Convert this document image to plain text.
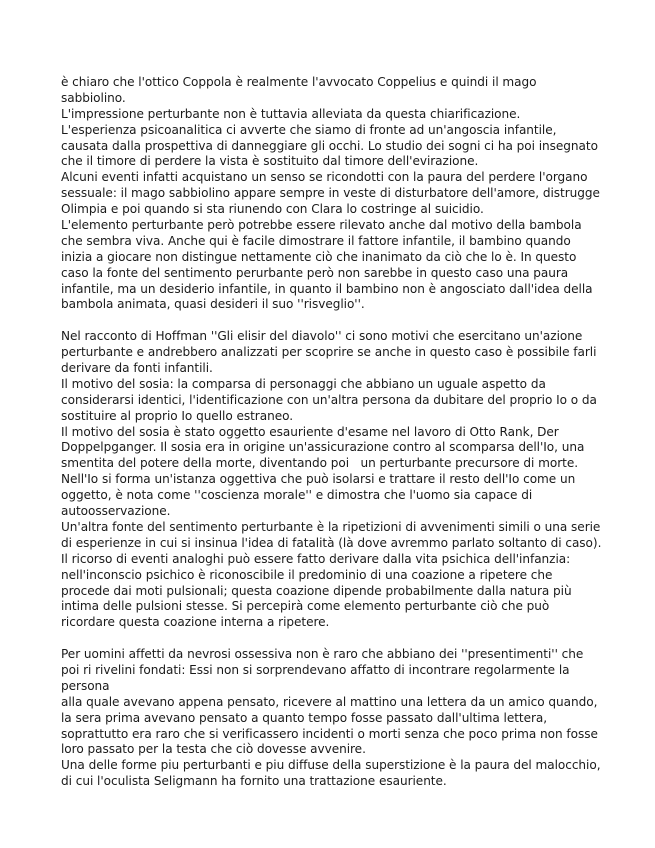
è chiaro che l'ottico Coppola è realmente l'avvocato Coppelius e quindi il mago
sabbiolino.
L'impressione perturbante non è tuttavia alleviata da questa chiarificazione.
L'esperienza psicoanalitica ci avverte che siamo di fronte ad un'angoscia infantile,
causata dalla prospettiva di danneggiare gli occhi. Lo studio dei sogni ci ha poi insegnato
che il timore di perdere la vista è sostituito dal timore dell'evirazione.
Alcuni eventi infatti acquistano un senso se ricondotti con la paura del perdere l'organo
sessuale: il mago sabbiolino appare sempre in veste di disturbatore dell'amore, distrugge
Olimpia e poi quando si sta riunendo con Clara lo costringe al suicidio.
L'elemento perturbante però potrebbe essere rilevato anche dal motivo della bambola
che sembra viva. Anche qui è facile dimostrare il fattore infantile, il bambino quando
inizia a giocare non distingue nettamente ciò che inanimato da ciò che lo è. In questo
caso la fonte del sentimento perurbante però non sarebbe in questo caso una paura
infantile, ma un desiderio infantile, in quanto il bambino non è angosciato dall'idea della
bambola animata, quasi desideri il suo ''risveglio''.
Nel racconto di Hoffman ''Gli elisir del diavolo'' ci sono motivi che esercitano un'azione
perturbante e andrebbero analizzati per scoprire se anche in questo caso è possibile farli
derivare da fonti infantili.
Il motivo del sosia: la comparsa di personaggi che abbiano un uguale aspetto da
considerarsi identici, l'identificazione con un'altra persona da dubitare del proprio Io o da
sostituire al proprio Io quello estraneo.
Il motivo del sosia è stato oggetto esauriente d'esame nel lavoro di Otto Rank, Der
Doppelpganger. Il sosia era in origine un'assicurazione contro al scomparsa dell'Io, una
smentita del potere della morte, diventando poi   un perturbante precursore di morte.
Nell'Io si forma un'istanza oggettiva che può isolarsi e trattare il resto dell'Io come un
oggetto, è nota come ''coscienza morale'' e dimostra che l'uomo sia capace di
autoosservazione.
Un'altra fonte del sentimento perturbante è la ripetizioni di avvenimenti simili o una serie
di esperienze in cui si insinua l'idea di fatalità (là dove avremmo parlato soltanto di caso).
Il ricorso di eventi analoghi può essere fatto derivare dalla vita psichica dell'infanzia:
nell'inconscio psichico è riconoscibile il predominio di una coazione a ripetere che
procede dai moti pulsionali; questa coazione dipende probabilmente dalla natura più
intima delle pulsioni stesse. Si percepirà come elemento perturbante ciò che può
ricordare questa coazione interna a ripetere.
Per uomini affetti da nevrosi ossessiva non è raro che abbiano dei ''presentimenti'' che
poi ri rivelini fondati: Essi non si sorprendevano affatto di incontrare regolarmente la
persona
alla quale avevano appena pensato, ricevere al mattino una lettera da un amico quando,
la sera prima avevano pensato a quanto tempo fosse passato dall'ultima lettera,
soprattutto era raro che si verificassero incidenti o morti senza che poco prima non fosse
loro passato per la testa che ciò dovesse avvenire.
Una delle forme piu perturbanti e piu diffuse della superstizione è la paura del malocchio,
di cui l'oculista Seligmann ha fornito una trattazione esauriente.
